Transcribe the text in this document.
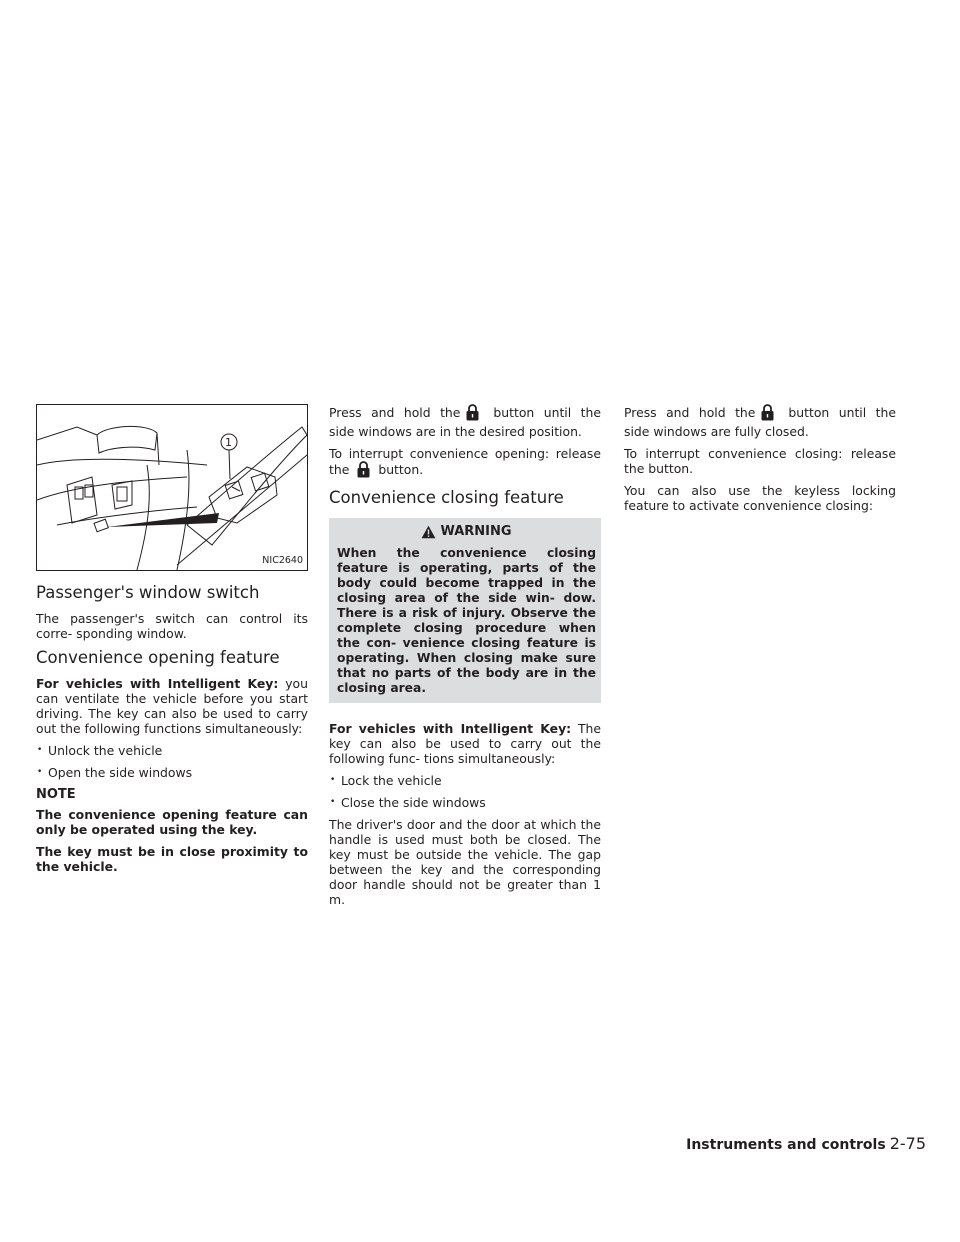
1
NIC2640
Passenger's window switch

The passenger's switch can control its corre- sponding window.

Convenience opening feature

For vehicles with Intelligent Key: you can ventilate the vehicle before you start driving. The key can also be used to carry out the following functions simultaneously:

• Unlock the vehicle
• Open the side windows
NOTE

The convenience opening feature can only be operated using the key.

The key must be in close proximity to the vehicle.

Press and hold the	button until the side windows are in the desired position.

To interrupt convenience opening: release the button.

Convenience closing feature
WARNING
When the convenience closing feature is operating, parts of the body could become trapped in the closing area of the side win- dow. There is a risk of injury. Observe the complete closing procedure when the con- venience closing feature is operating. When closing make sure that no parts of the body are in the closing area.

For vehicles with Intelligent Key: The key can also be used to carry out the following func- tions simultaneously:

• Lock the vehicle
• Close the side windows

The driver's door and the door at which the handle is used must both be closed. The key must be outside the vehicle. The gap between the key and the corresponding door handle should not be greater than 1 m.

Press and hold the	button until the side windows are fully closed.

To interrupt convenience closing: release the button.

You can also use the keyless locking feature to activate convenience closing:

Instruments and controls 2-75
